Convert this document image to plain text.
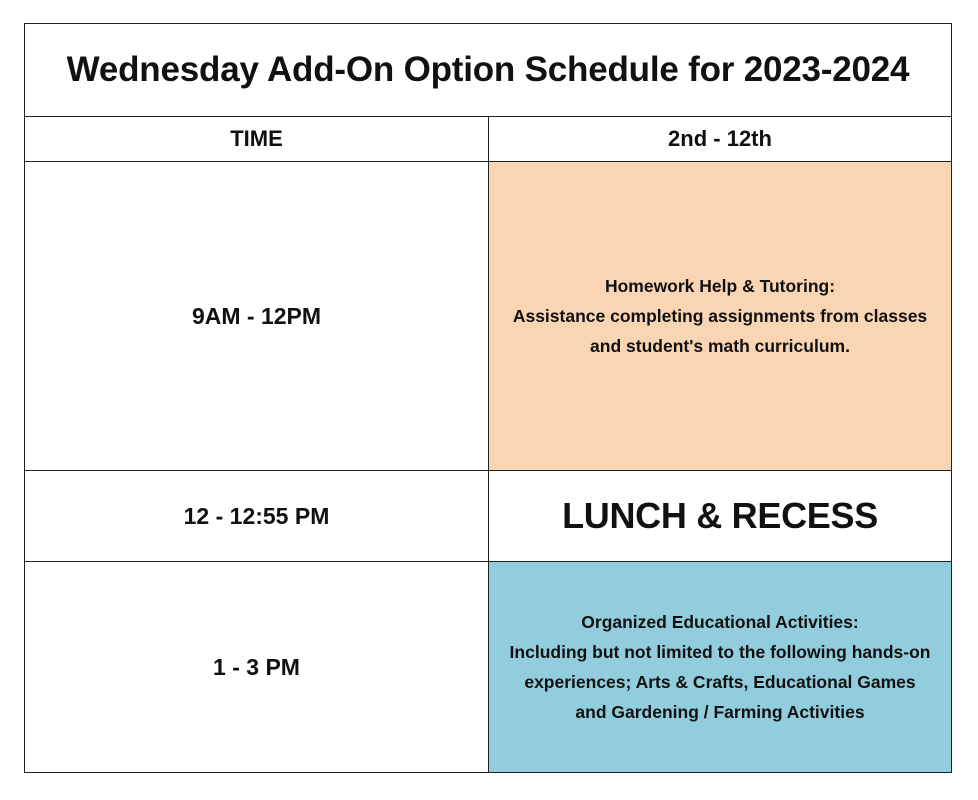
Wednesday Add-On Option Schedule for 2023-2024	
TIME	2nd - 12th
9AM - 12PM	Homework Help & Tutoring:
Assistance completing assignments from classes
and student's math curriculum.

12 - 12:55 PM	LUNCH & RECESS
1 - 3 PM	Organized Educational Activities:
Including but not limited to the following hands-on
experiences; Arts & Crafts, Educational Games
and Gardening / Farming Activities
